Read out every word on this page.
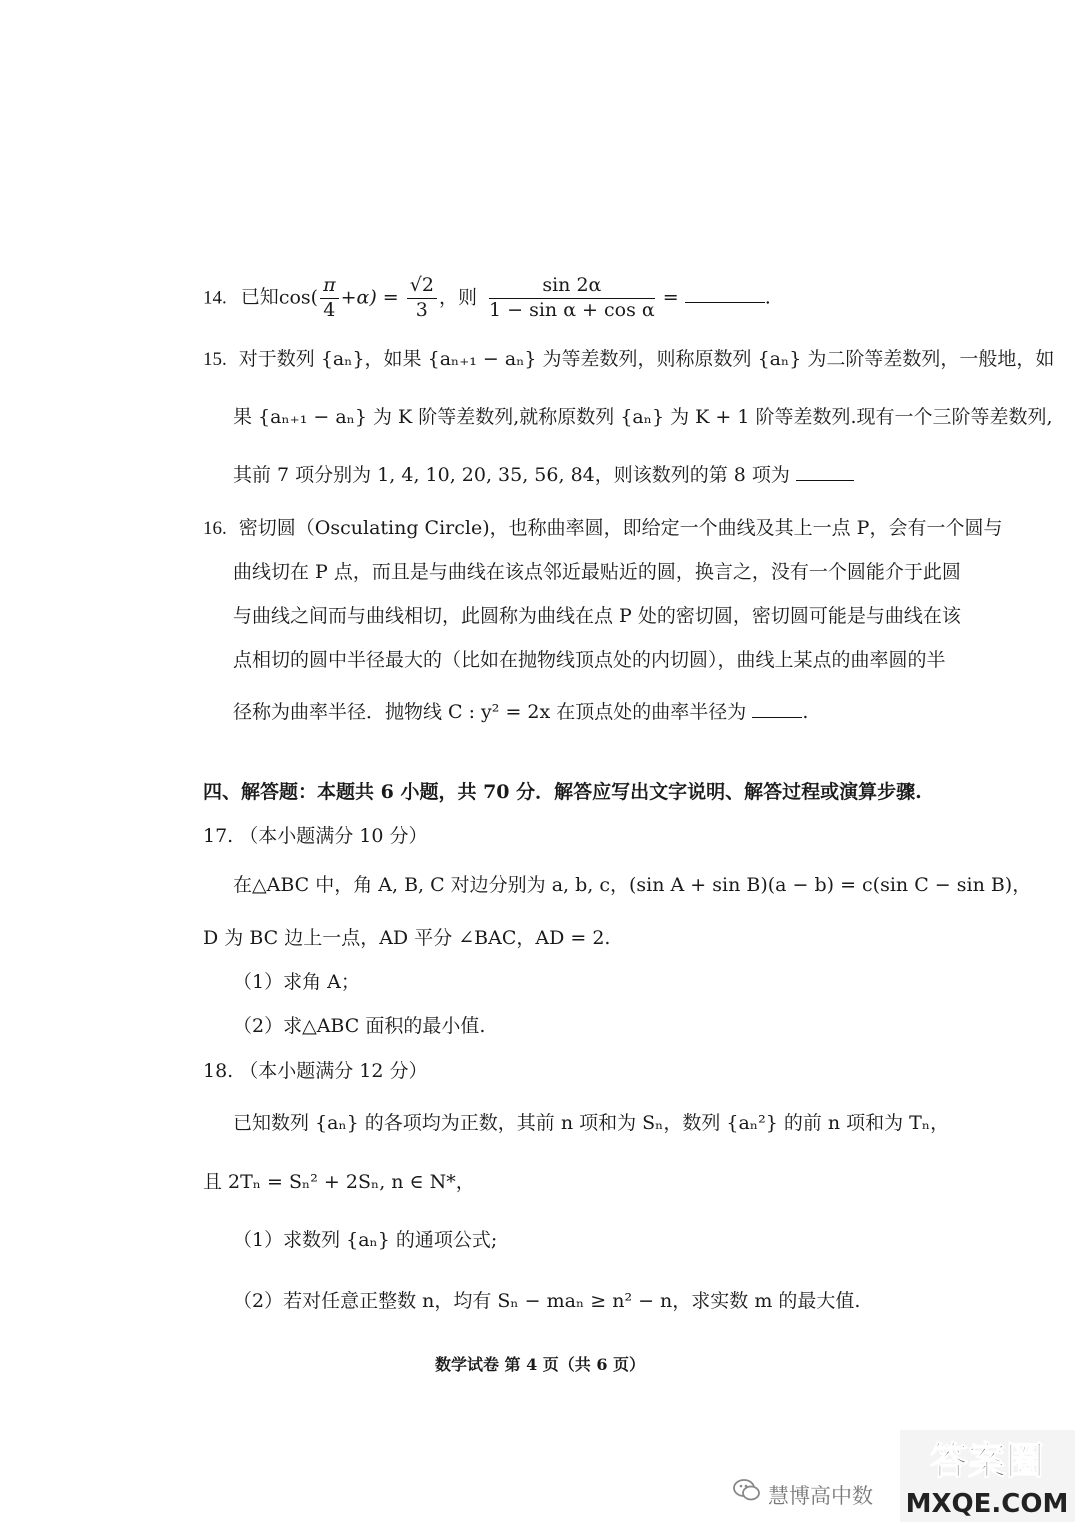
14. 已知$\cos( \frac{\pi}{4} +\alpha) = \frac{√2}{3}$ ，则 $\frac{\sin 2\alpha}{\text{1 − sin α + cos α}}$ =	.
15. 对于数列 {aₙ}，如果 {aₙ₊₁ − aₙ} 为等差数列，则称原数列 {aₙ} 为二阶等差数列，一般地，如
果 {aₙ₊₁ − aₙ} 为 K 阶等差数列,就称原数列 {aₙ} 为 K + 1 阶等差数列.现有一个三阶等差数列,
其前 7 项分别为 1, 4, 10, 20, 35, 56, 84，则该数列的第 8 项为
16. 密切圆（Osculating Circle)，也称曲率圆，即给定一个曲线及其上一点 P，会有一个圆与
曲线切在 P 点，而且是与曲线在该点邻近最贴近的圆，换言之，没有一个圆能介于此圆
与曲线之间而与曲线相切，此圆称为曲线在点 P 处的密切圆，密切圆可能是与曲线在该
点相切的圆中半径最大的（比如在抛物线顶点处的内切圆），曲线上某点的曲率圆的半
径称为曲率半径．抛物线 C : y² = 2x 在顶点处的曲率半径为	.
四、解答题：本题共 6 小题，共 70 分．解答应写出文字说明、解答过程或演算步骤.
17. （本小题满分 10 分）
在△ABC 中，角 A, B, C 对边分别为 a, b, c，(sin A + sin B)(a − b) = c(sin C − sin B)，
D 为 BC 边上一点，AD 平分 ∠BAC，AD = 2.
（1）求角 A；
（2）求△ABC 面积的最小值.
18. （本小题满分 12 分）
已知数列 {aₙ} 的各项均为正数，其前 n 项和为 Sₙ，数列 {aₙ²} 的前 n 项和为 Tₙ，
且 2Tₙ = Sₙ² + 2Sₙ, n ∈ N*，
（1）求数列 {aₙ} 的通项公式;
（2）若对任意正整数 n，均有 Sₙ − maₙ ≥ n² − n，求实数 m 的最大值.
数学试卷 第 4 页（共 6 页）
慧博高中数
答案圈
MXQE.COM
